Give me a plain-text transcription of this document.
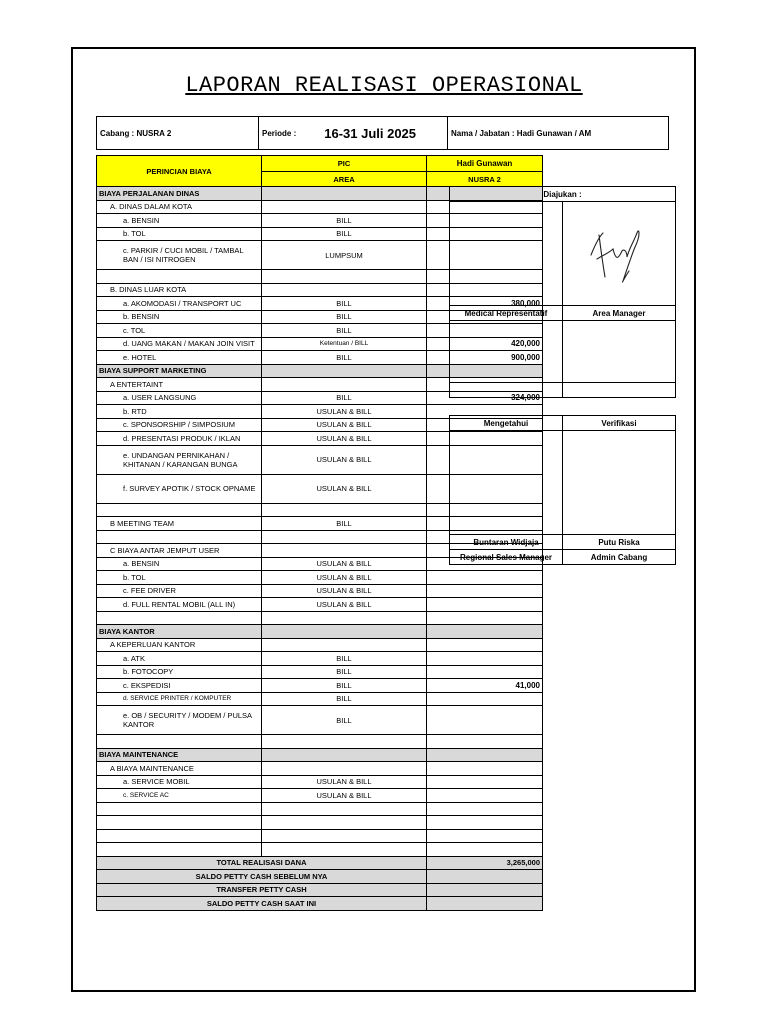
LAPORAN REALISASI OPERASIONAL
Cabang : NUSRA 2	Periode : 16-31 Juli 2025	Nama / Jabatan : Hadi Gunawan / AM
PERINCIAN BIAYA	PIC	Hadi Gunawan
	AREA	NUSRA 2
BIAYA PERJALANAN DINAS		
A. DINAS DALAM KOTA		
a. BENSIN	BILL	
b. TOL	BILL	
c. PARKIR / CUCI MOBIL / TAMBAL BAN / ISI NITROGEN	LUMPSUM	

B. DINAS LUAR KOTA		
a. AKOMODASI / TRANSPORT UC	BILL	380,000
b. BENSIN	BILL	
c. TOL	BILL	
d. UANG MAKAN / MAKAN JOIN VISIT	Ketentuan / BILL	420,000
e. HOTEL	BILL	900,000
BIAYA SUPPORT MARKETING		
A ENTERTAINT		
a. USER LANGSUNG	BILL	324,000
b. RTD	USULAN & BILL	
c. SPONSORSHIP / SIMPOSIUM	USULAN & BILL	
d. PRESENTASI PRODUK / IKLAN	USULAN & BILL	
e. UNDANGAN PERNIKAHAN / KHITANAN / KARANGAN BUNGA	USULAN & BILL	
f. SURVEY APOTIK / STOCK OPNAME	USULAN & BILL	

B MEETING TEAM	BILL	

C BIAYA ANTAR JEMPUT USER		
a. BENSIN	USULAN & BILL	
b. TOL	USULAN & BILL	
c. FEE DRIVER	USULAN & BILL	
d. FULL RENTAL MOBIL (ALL IN)	USULAN & BILL	

BIAYA KANTOR		
A KEPERLUAN KANTOR		
a. ATK	BILL	
b. FOTOCOPY	BILL	
c. EKSPEDISI	BILL	41,000
d. SERVICE PRINTER / KOMPUTER	BILL	
e. OB / SECURITY / MODEM / PULSA KANTOR	BILL	

BIAYA MAINTENANCE		
A BIAYA MAINTENANCE		
a. SERVICE MOBIL	USULAN & BILL	
c. SERVICE AC	USULAN & BILL	

TOTAL REALISASI DANA		3,265,000
SALDO PETTY CASH SEBELUM NYA		
TRANSFER PETTY CASH		
SALDO PETTY CASH SAAT INI		
Diajukan :	

Medical Representatif	Area Manager

Mengetahui	Verifikasi

Buntaran Widjaja	Putu Riska
Regional Sales Manager	Admin Cabang
